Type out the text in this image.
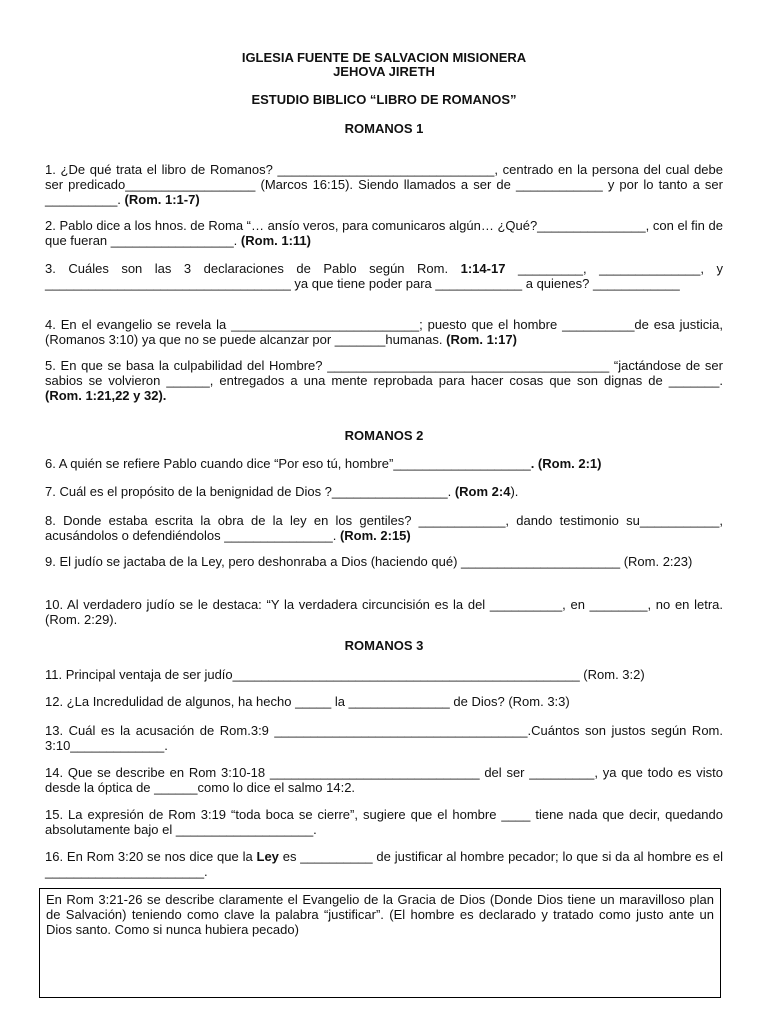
IGLESIA FUENTE DE SALVACION MISIONERA
JEHOVA JIRETH
ESTUDIO BIBLICO “LIBRO DE ROMANOS”
ROMANOS 1
1. ¿De qué trata el libro de Romanos? ______________________________, centrado en la persona del cual debe ser predicado__________________ (Marcos 16:15). Siendo llamados a ser de ____________ y por lo tanto a ser __________. (Rom. 1:1-7)
2. Pablo dice a los hnos. de Roma “… ansío veros, para comunicaros algún… ¿Qué?_______________, con el fin de que fueran _________________. (Rom. 1:11)
3. Cuáles son las 3 declaraciones de Pablo según Rom. 1:14-17 _________, ______________, y __________________________________ ya que tiene poder para ____________ a quienes? ____________
4. En el evangelio se revela la __________________________; puesto que el hombre __________de esa justicia, (Romanos 3:10) ya que no se puede alcanzar por _______humanas. (Rom. 1:17)
5. En que se basa la culpabilidad del Hombre? _______________________________________ “jactándose de ser sabios se volvieron ______, entregados a una mente reprobada para hacer cosas que son dignas de _______. (Rom. 1:21,22 y 32).
ROMANOS 2
6. A quién se refiere Pablo cuando dice “Por eso tú, hombre”___________________. (Rom. 2:1)
7. Cuál es el propósito de la benignidad de Dios ?________________. (Rom 2:4).
8. Donde estaba escrita la obra de la ley en los gentiles? ____________, dando testimonio su___________, acusándolos o defendiéndolos _______________. (Rom. 2:15)
9. El judío se jactaba de la Ley, pero deshonraba a Dios (haciendo qué) ______________________ (Rom. 2:23)
10. Al verdadero judío se le destaca: “Y la verdadera circuncisión es la del __________, en ________, no en letra. (Rom. 2:29).
ROMANOS 3
11. Principal ventaja de ser judío________________________________________________ (Rom. 3:2)
12. ¿La Incredulidad de algunos, ha hecho _____ la ______________ de Dios? (Rom. 3:3)
13. Cuál es la acusación de Rom.3:9 ___________________________________.Cuántos son justos según Rom. 3:10_____________.
14. Que se describe en Rom 3:10-18 _____________________________ del ser _________, ya que todo es visto desde la óptica de ______como lo dice el salmo 14:2.
15. La expresión de Rom 3:19 “toda boca se cierre”, sugiere que el hombre ____ tiene nada que decir, quedando absolutamente bajo el ___________________.
16. En Rom 3:20 se nos dice que la Ley es __________ de justificar al hombre pecador; lo que si da al hombre es el ______________________.
En Rom 3:21-26 se describe claramente el Evangelio de la Gracia de Dios (Donde Dios tiene un maravilloso plan de Salvación) teniendo como clave la palabra “justificar”. (El hombre es declarado y tratado como justo ante un Dios santo. Como si nunca hubiera pecado)
